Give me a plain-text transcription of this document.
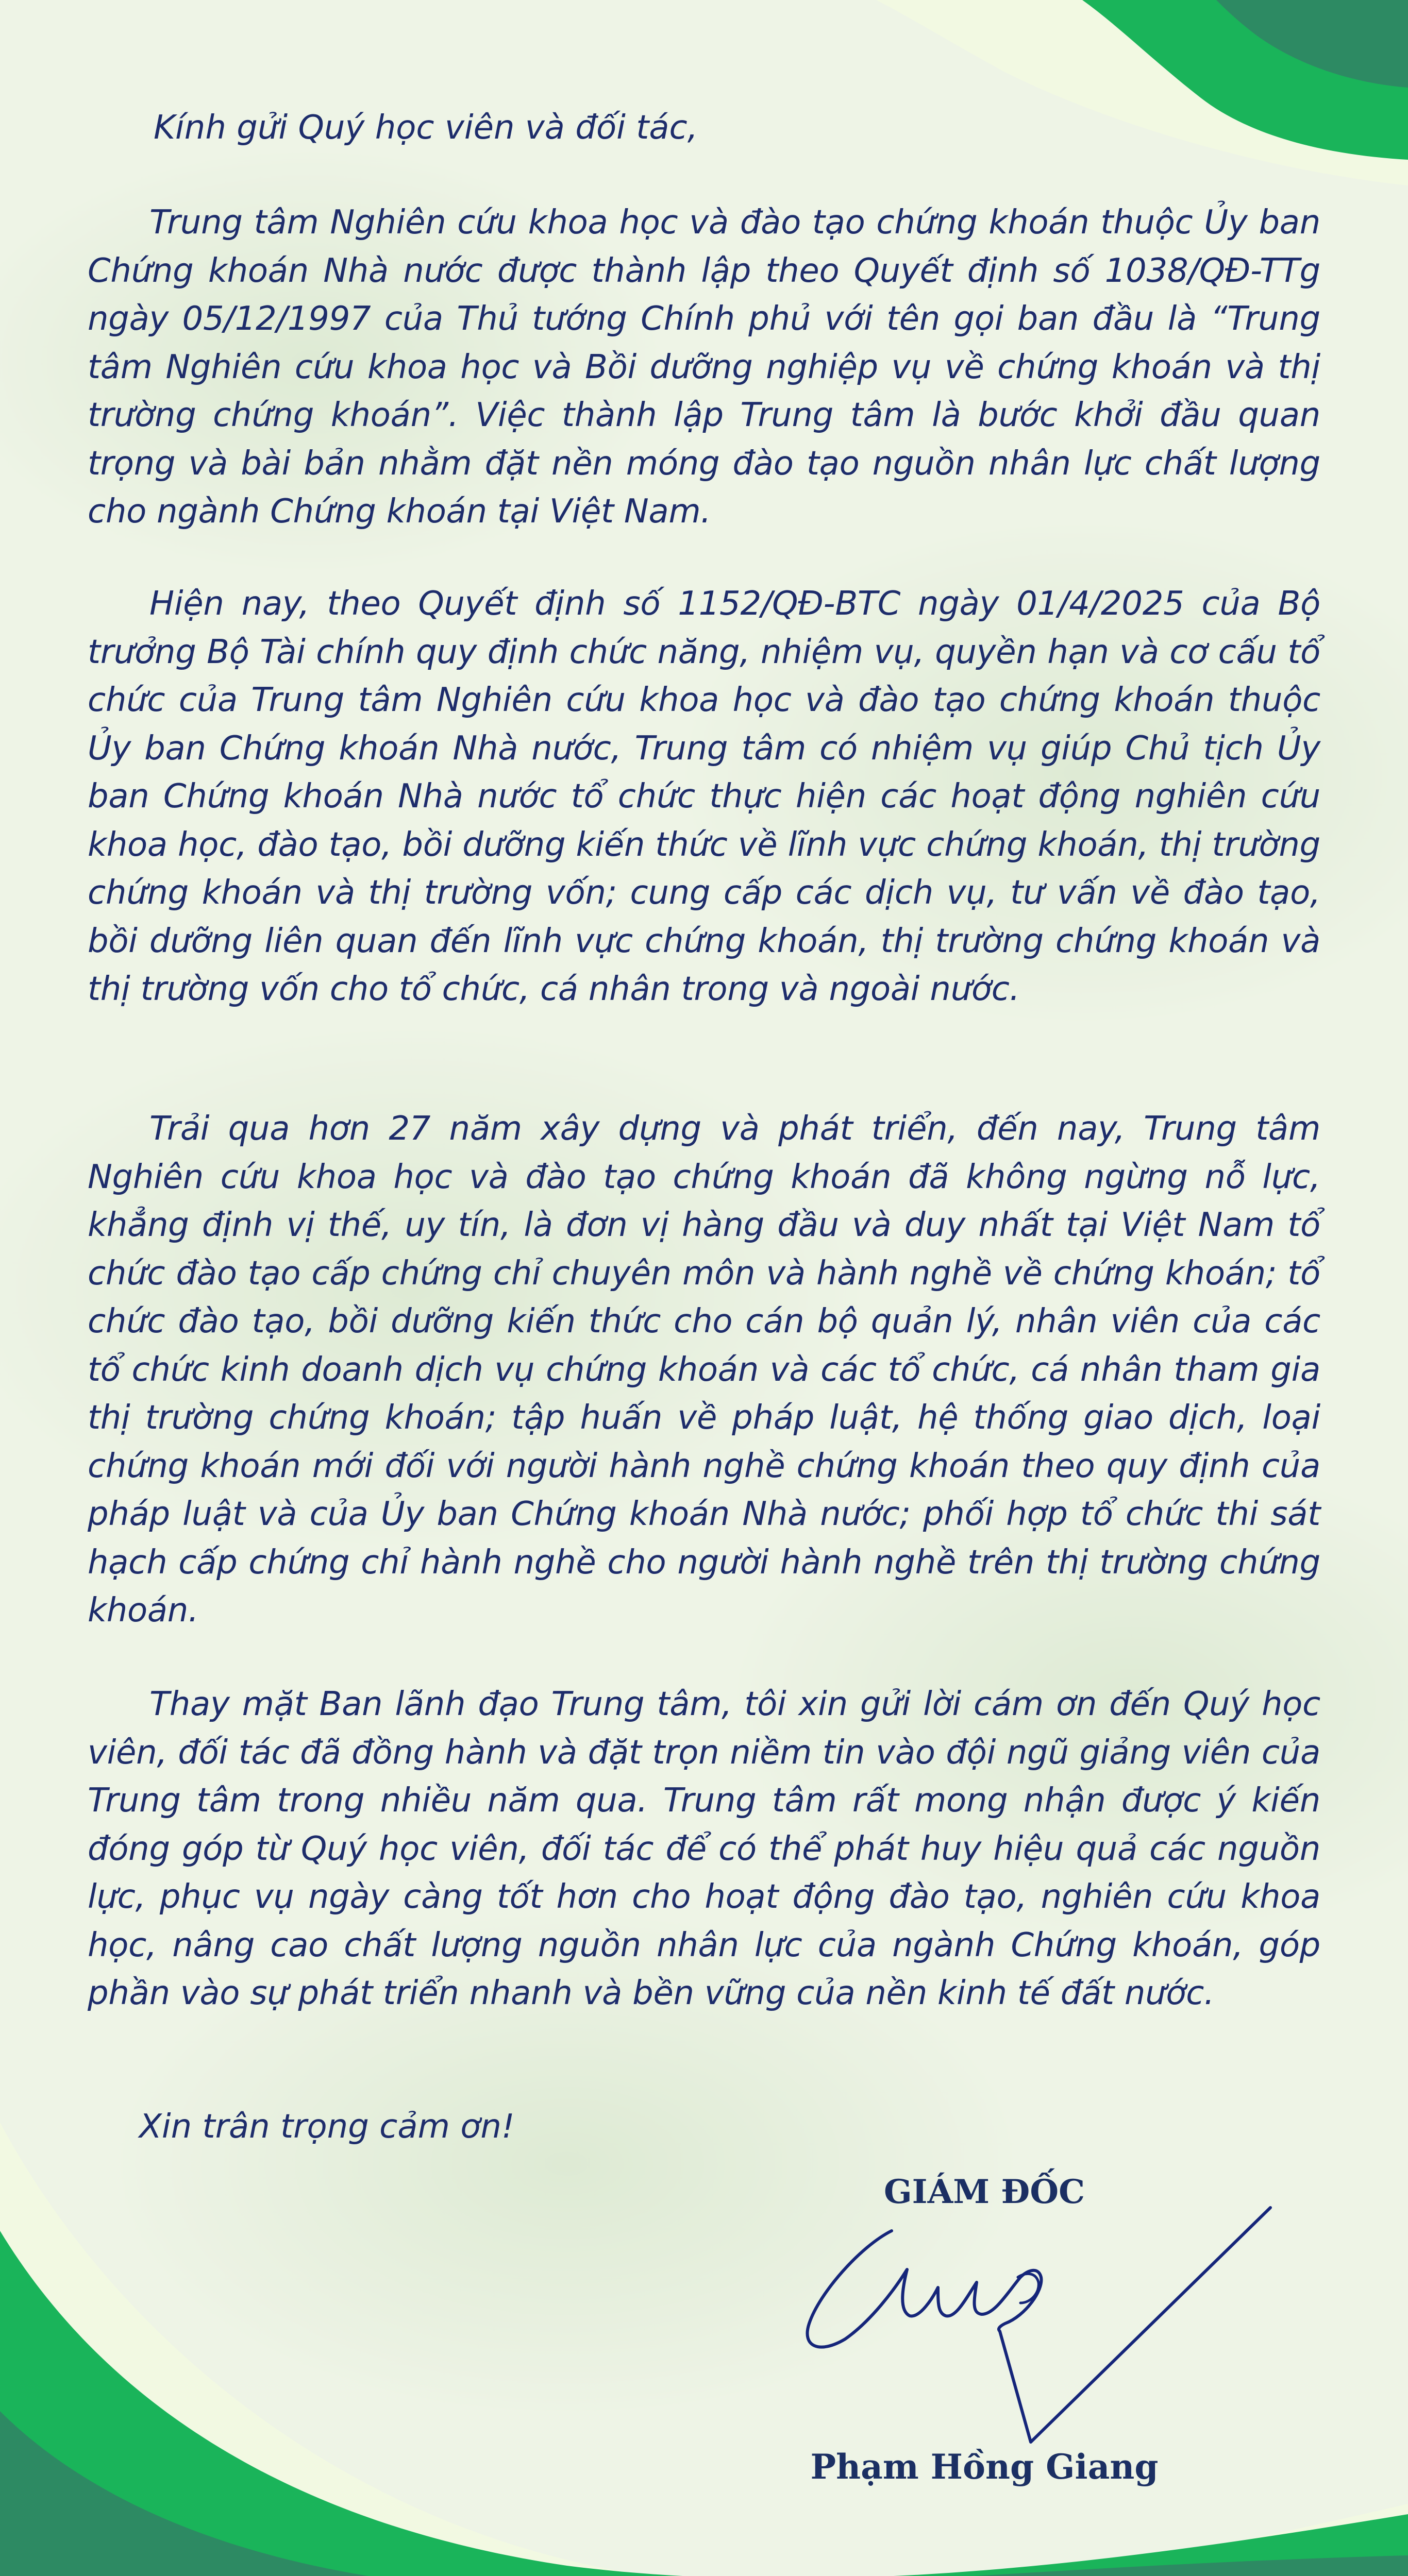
Kính gửi Quý học viên và đối tác,

Trung tâm Nghiên cứu khoa học và đào tạo chứng khoán thuộc Ủy ban Chứng khoán Nhà nước được thành lập theo Quyết định số 1038/QĐ-TTg ngày 05/12/1997 của Thủ tướng Chính phủ với tên gọi ban đầu là “Trung tâm Nghiên cứu khoa học và Bồi dưỡng nghiệp vụ về chứng khoán và thị trường chứng khoán”. Việc thành lập Trung tâm là bước khởi đầu quan trọng và bài bản nhằm đặt nền móng đào tạo nguồn nhân lực chất lượng cho ngành Chứng khoán tại Việt Nam.

Hiện nay, theo Quyết định số 1152/QĐ-BTC ngày 01/4/2025 của Bộ trưởng Bộ Tài chính quy định chức năng, nhiệm vụ, quyền hạn và cơ cấu tổ chức của Trung tâm Nghiên cứu khoa học và đào tạo chứng khoán thuộc Ủy ban Chứng khoán Nhà nước, Trung tâm có nhiệm vụ giúp Chủ tịch Ủy ban Chứng khoán Nhà nước tổ chức thực hiện các hoạt động nghiên cứu khoa học, đào tạo, bồi dưỡng kiến thức về lĩnh vực chứng khoán, thị trường chứng khoán và thị trường vốn; cung cấp các dịch vụ, tư vấn về đào tạo, bồi dưỡng liên quan đến lĩnh vực chứng khoán, thị trường chứng khoán và thị trường vốn cho tổ chức, cá nhân trong và ngoài nước.

Trải qua hơn 27 năm xây dựng và phát triển, đến nay, Trung tâm Nghiên cứu khoa học và đào tạo chứng khoán đã không ngừng nỗ lực, khẳng định vị thế, uy tín, là đơn vị hàng đầu và duy nhất tại Việt Nam tổ chức đào tạo cấp chứng chỉ chuyên môn và hành nghề về chứng khoán; tổ chức đào tạo, bồi dưỡng kiến thức cho cán bộ quản lý, nhân viên của các tổ chức kinh doanh dịch vụ chứng khoán và các tổ chức, cá nhân tham gia thị trường chứng khoán; tập huấn về pháp luật, hệ thống giao dịch, loại chứng khoán mới đối với người hành nghề chứng khoán theo quy định của pháp luật và của Ủy ban Chứng khoán Nhà nước; phối hợp tổ chức thi sát hạch cấp chứng chỉ hành nghề cho người hành nghề trên thị trường chứng khoán.

Thay mặt Ban lãnh đạo Trung tâm, tôi xin gửi lời cám ơn đến Quý học viên, đối tác đã đồng hành và đặt trọn niềm tin vào đội ngũ giảng viên của Trung tâm trong nhiều năm qua. Trung tâm rất mong nhận được ý kiến đóng góp từ Quý học viên, đối tác để có thể phát huy hiệu quả các nguồn lực, phục vụ ngày càng tốt hơn cho hoạt động đào tạo, nghiên cứu khoa học, nâng cao chất lượng nguồn nhân lực của ngành Chứng khoán, góp phần vào sự phát triển nhanh và bền vững của nền kinh tế đất nước.

Xin trân trọng cảm ơn!

GIÁM ĐỐC

Phạm Hồng Giang
